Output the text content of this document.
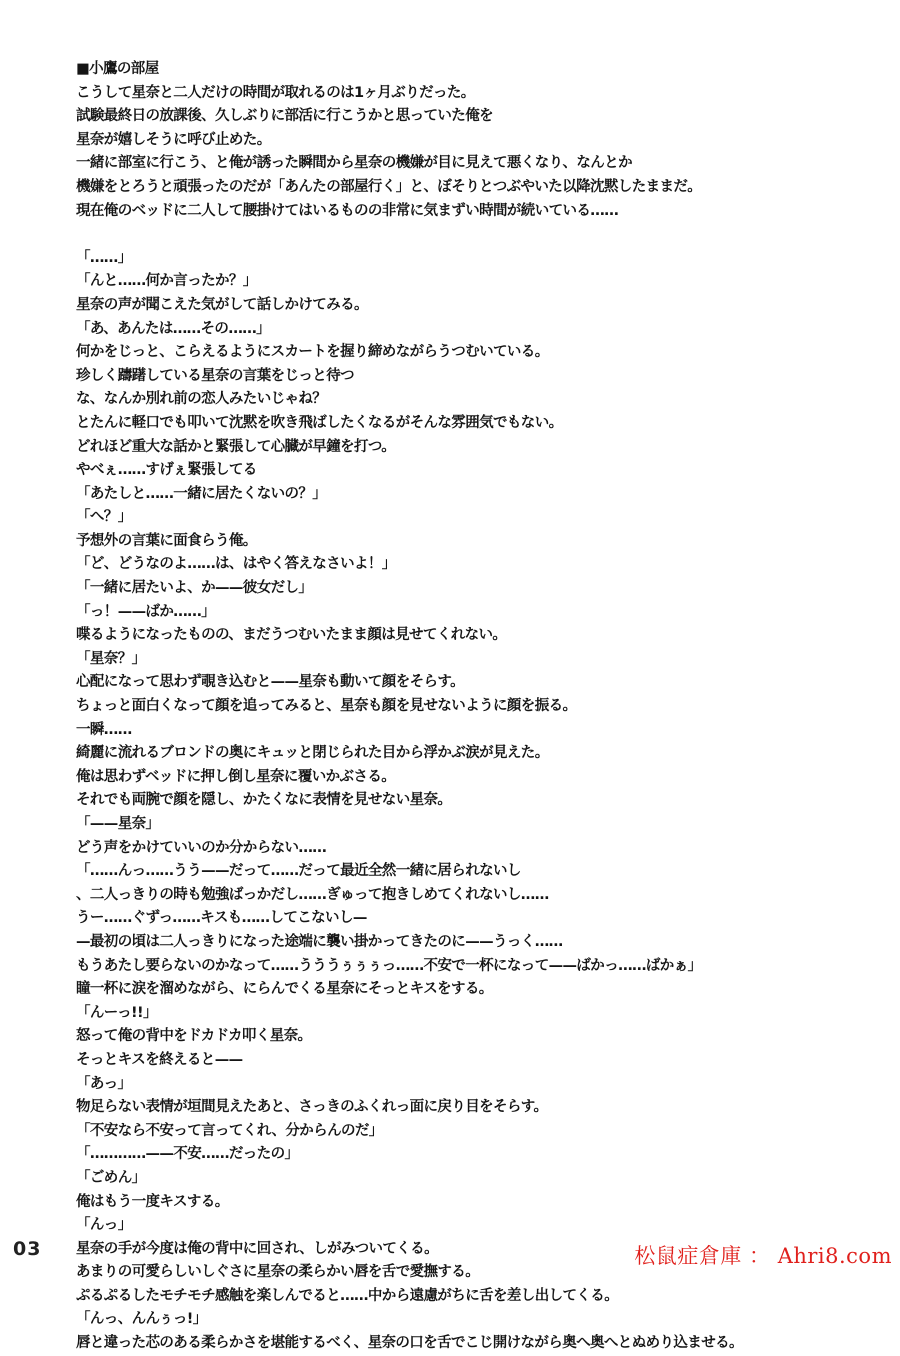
■小鷹の部屋
こうして星奈と二人だけの時間が取れるのは1ヶ月ぶりだった。
試験最終日の放課後、久しぶりに部活に行こうかと思っていた俺を
星奈が嬉しそうに呼び止めた。
一緒に部室に行こう、と俺が誘った瞬間から星奈の機嫌が目に見えて悪くなり、なんとか
機嫌をとろうと頑張ったのだが「あんたの部屋行く」と、ぼそりとつぶやいた以降沈黙したままだ。
現在俺のベッドに二人して腰掛けてはいるものの非常に気まずい時間が続いている……
「……」
「んと……何か言ったか？」
星奈の声が聞こえた気がして話しかけてみる。
「あ、あんたは……その……」
何かをじっと、こらえるようにスカートを握り締めながらうつむいている。
珍しく躊躇している星奈の言葉をじっと待つ
な、なんか別れ前の恋人みたいじゃね？
とたんに軽口でも叩いて沈黙を吹き飛ばしたくなるがそんな雰囲気でもない。
どれほど重大な話かと緊張して心臓が早鐘を打つ。
やべぇ……すげぇ緊張してる
「あたしと……一緒に居たくないの？」
「へ？」
予想外の言葉に面食らう俺。
「ど、どうなのよ……は、はやく答えなさいよ！」
「一緒に居たいよ、か——彼女だし」
「っ！——ばか……」
喋るようになったものの、まだうつむいたまま顔は見せてくれない。
「星奈？」
心配になって思わず覗き込むと——星奈も動いて顔をそらす。
ちょっと面白くなって顔を追ってみると、星奈も顔を見せないように顔を振る。
一瞬……
綺麗に流れるブロンドの奥にキュッと閉じられた目から浮かぶ涙が見えた。
俺は思わずベッドに押し倒し星奈に覆いかぶさる。
それでも両腕で顔を隠し、かたくなに表情を見せない星奈。
「——星奈」
どう声をかけていいのか分からない……
「……んっ……うう——だって……だって最近全然一緒に居られないし
、二人っきりの時も勉強ばっかだし……ぎゅって抱きしめてくれないし……
うー……ぐずっ……キスも……してこないし—
—最初の頃は二人っきりになった途端に襲い掛かってきたのに——うっく……
もうあたし要らないのかなって……うううぅぅぅっ……不安で一杯になって——ばかっ……ばかぁ」
瞳一杯に涙を溜めながら、にらんでくる星奈にそっとキスをする。
「んーっ!!」
怒って俺の背中をドカドカ叩く星奈。
そっとキスを終えると——
「あっ」
物足らない表情が垣間見えたあと、さっきのふくれっ面に戻り目をそらす。
「不安なら不安って言ってくれ、分からんのだ」
「…………——不安……だったの」
「ごめん」
俺はもう一度キスする。
「んっ」
星奈の手が今度は俺の背中に回され、しがみついてくる。
あまりの可愛らしいしぐさに星奈の柔らかい唇を舌で愛撫する。
ぷるぷるしたモチモチ感触を楽しんでると……中から遠慮がちに舌を差し出してくる。
「んっ、んんぅっ!」
唇と違った芯のある柔らかさを堪能するべく、星奈の口を舌でこじ開けながら奥へ奥へとぬめり込ませる。
03	松鼠症倉庫 ： Ahri8.com
